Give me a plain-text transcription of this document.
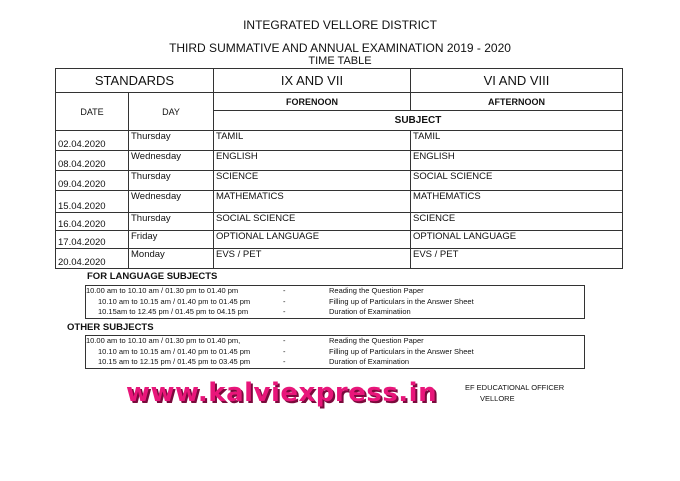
INTEGRATED VELLORE DISTRICT
THIRD SUMMATIVE AND ANNUAL EXAMINATION 2019 - 2020
TIME TABLE
STANDARDS		IX AND VII	VI AND VIII
DATE	DAY	FORENOON	AFTERNOON
		SUBJECT	
02.04.2020	Thursday	TAMIL	TAMIL
08.04.2020	Wednesday	ENGLISH	ENGLISH
09.04.2020	Thursday	SCIENCE	SOCIAL SCIENCE
15.04.2020	Wednesday	MATHEMATICS	MATHEMATICS
16.04.2020	Thursday	SOCIAL SCIENCE	SCIENCE
17.04.2020	Friday	OPTIONAL LANGUAGE	OPTIONAL LANGUAGE
20.04.2020	Monday	EVS / PET	EVS / PET
FOR LANGUAGE SUBJECTS
10.00 am to 10.10 am / 01.30 pm to 01.40 pm	-	Reading the Question Paper
10.10 am to 10.15 am / 01.40 pm to 01.45 pm	-	Filling up of Particulars in the Answer Sheet
10.15am to 12.45 pm / 01.45 pm to 04.15 pm	-	Duration of Examinatiion
OTHER SUBJECTS
10.00 am to 10.10 am / 01.30 pm to 01.40 pm,	-	Reading the Question Paper
10.10 am to 10.15 am / 01.40 pm to 01.45 pm	-	Filling up of Particulars in the Answer Sheet
10.15 am to 12.15 pm / 01.45 pm to 03.45 pm	-	Duration of Examination
EF EDUCATIONAL OFFICER
VELLORE
www.kalviexpress.in
